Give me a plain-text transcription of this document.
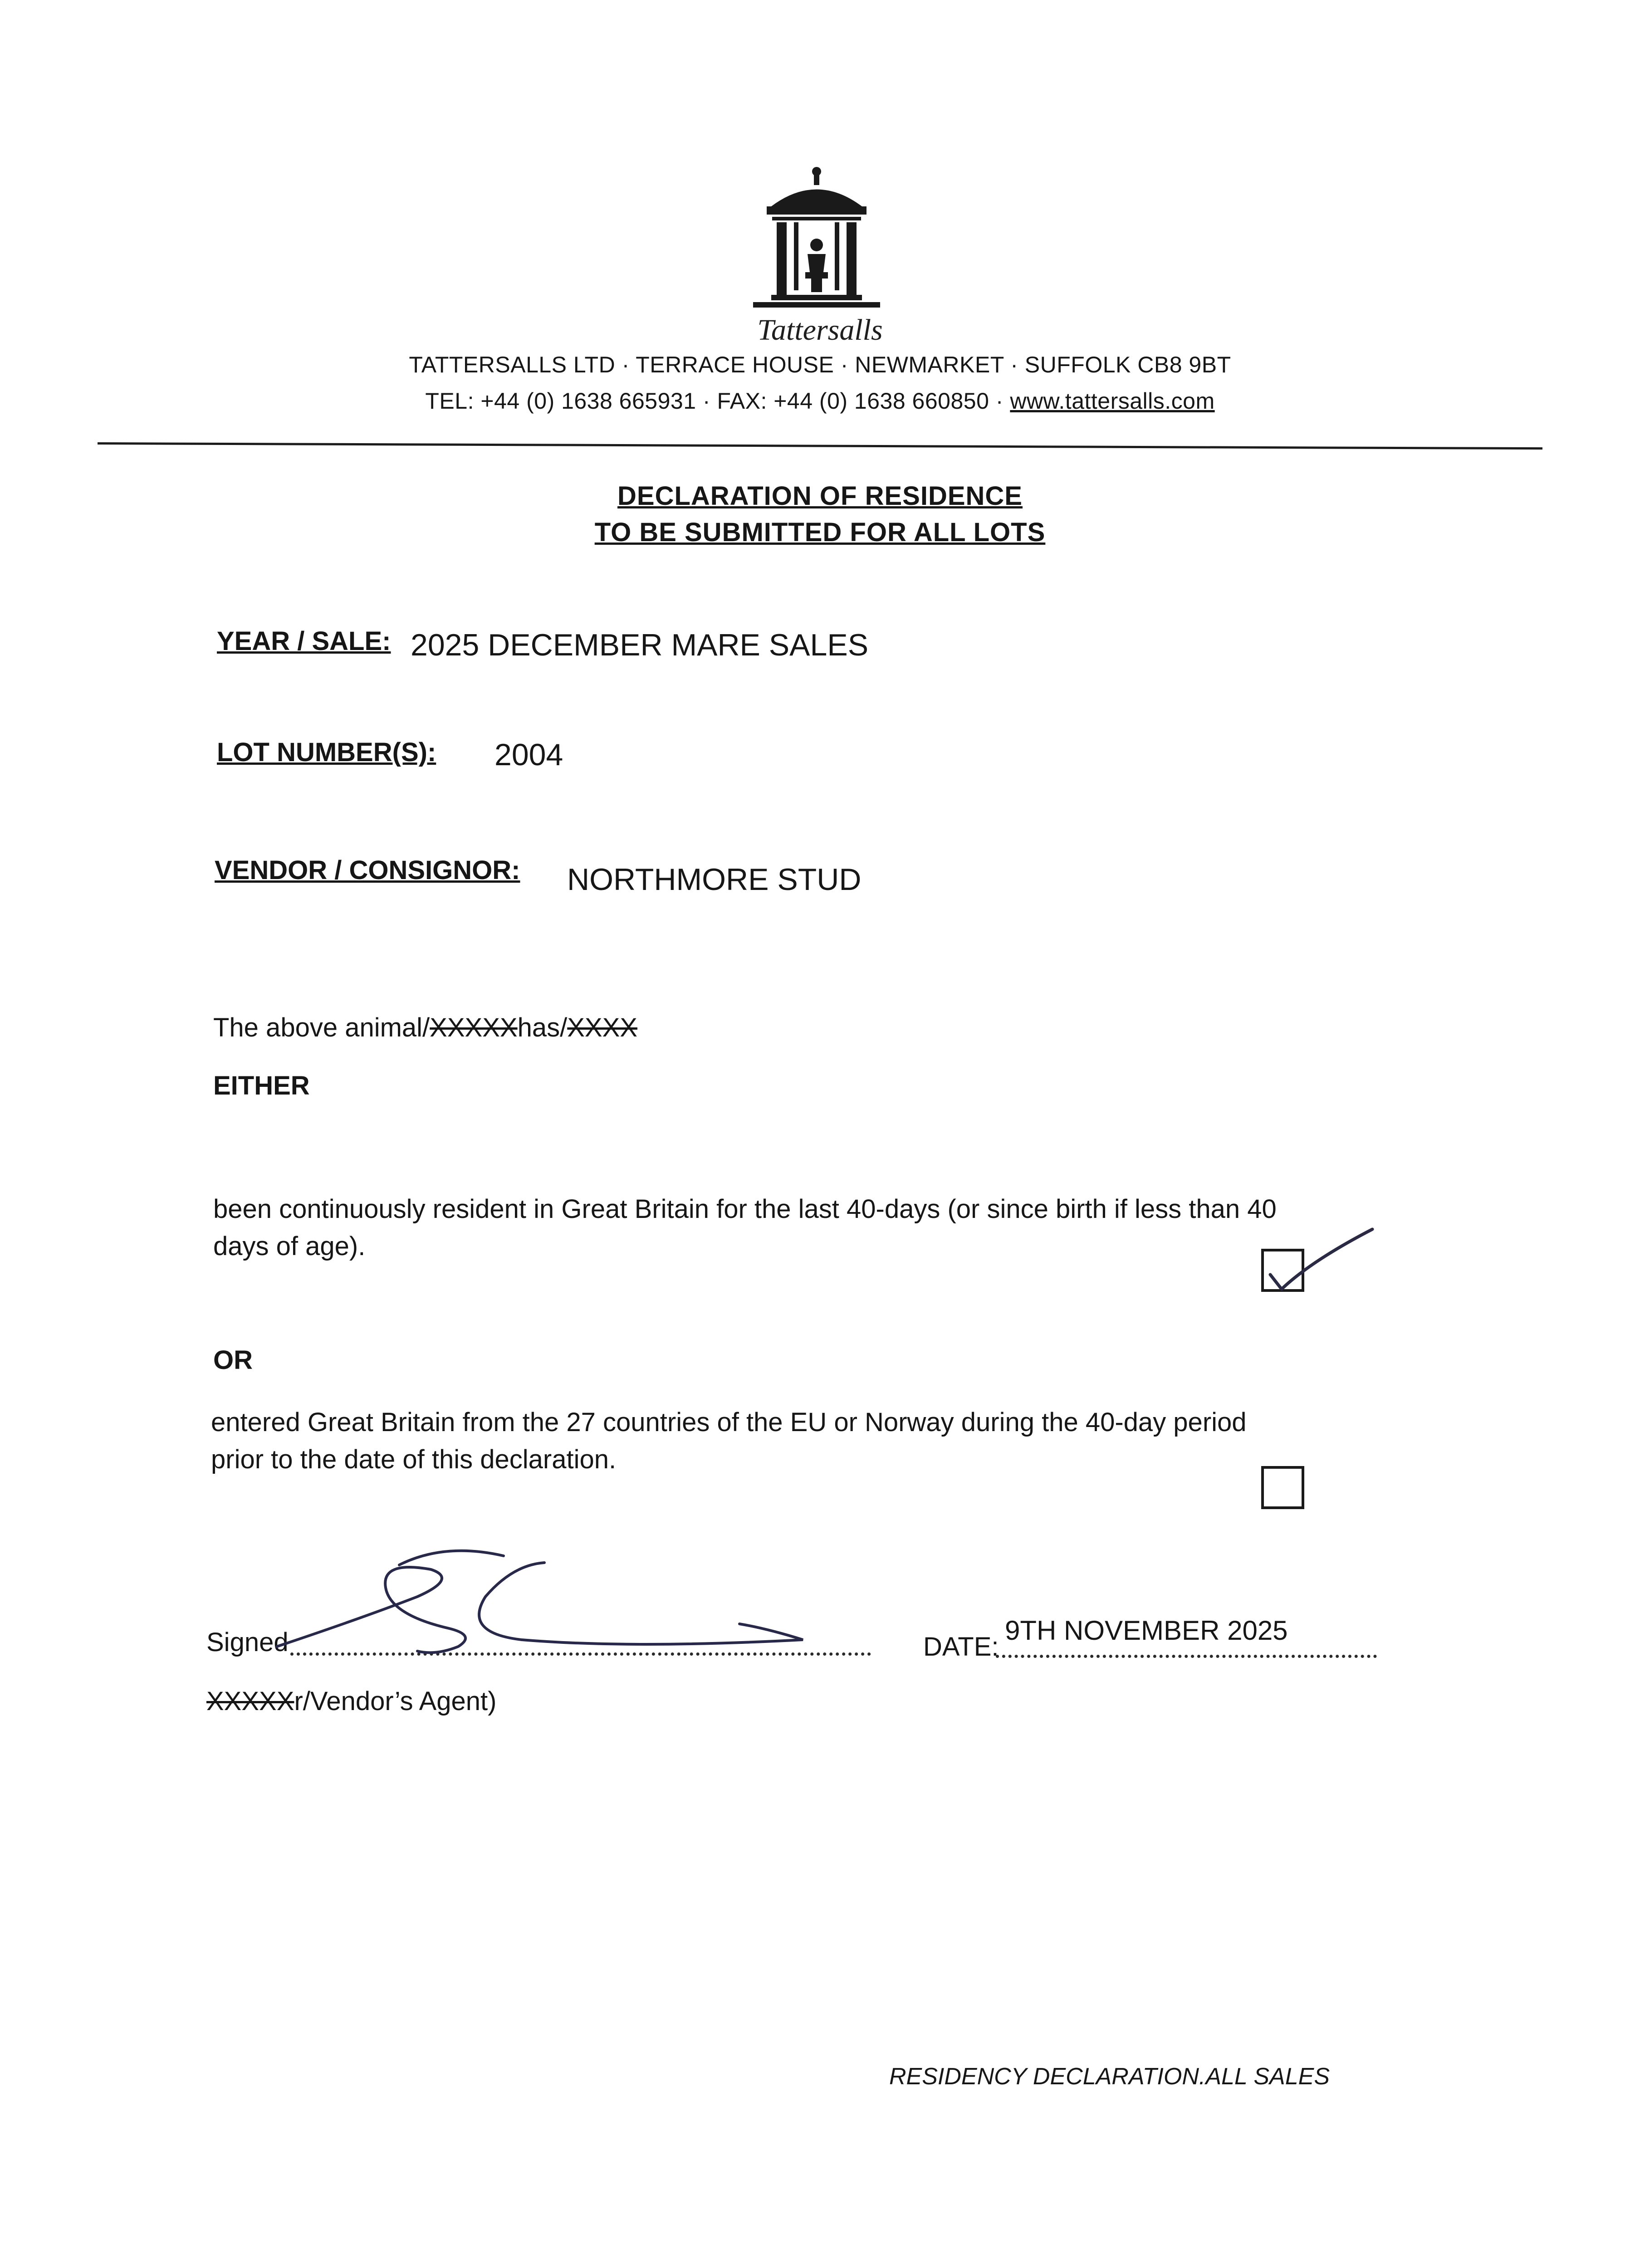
Tattersalls
TATTERSALLS LTD · TERRACE HOUSE · NEWMARKET · SUFFOLK CB8 9BT
TEL: +44 (0) 1638 665931 · FAX: +44 (0) 1638 660850 · www.tattersalls.com
DECLARATION OF RESIDENCE
TO BE SUBMITTED FOR ALL LOTS
YEAR / SALE: 2025 DECEMBER MARE SALES
LOT NUMBER(S): 2004
VENDOR / CONSIGNOR: NORTHMORE STUD
The above animal/XXXXXhas/XXXX
EITHER
been continuously resident in Great Britain for the last 40-days (or since birth if less than 40
days of age).
OR
entered Great Britain from the 27 countries of the EU or Norway during the 40-day period
prior to the date of this declaration.
Signed	DATE:
9TH NOVEMBER 2025
XXXXXr/Vendor’s Agent)
RESIDENCY DECLARATION.ALL SALES
